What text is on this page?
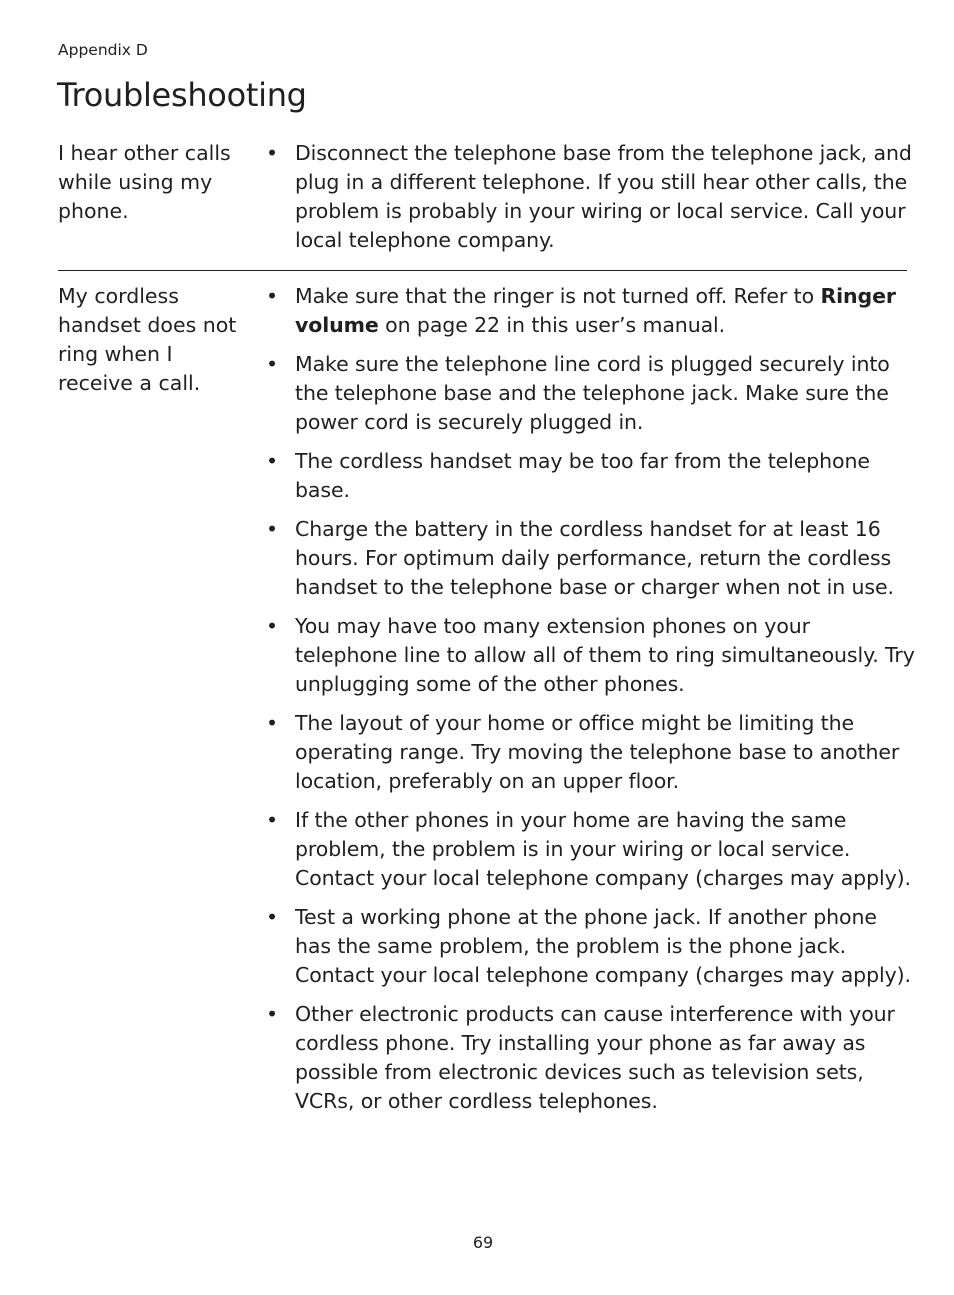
Appendix D

Troubleshooting

I hear other calls while using my phone.

• Disconnect the telephone base from the telephone jack, and plug in a different telephone. If you still hear other calls, the problem is probably in your wiring or local service. Call your local telephone company.

My cordless handset does not ring when I receive a call.

• Make sure that the ringer is not turned off. Refer to Ringer volume on page 22 in this user’s manual.
• Make sure the telephone line cord is plugged securely into the telephone base and the telephone jack. Make sure the power cord is securely plugged in.
• The cordless handset may be too far from the telephone base.
• Charge the battery in the cordless handset for at least 16 hours. For optimum daily performance, return the cordless handset to the telephone base or charger when not in use.
• You may have too many extension phones on your telephone line to allow all of them to ring simultaneously. Try unplugging some of the other phones.
• The layout of your home or office might be limiting the operating range. Try moving the telephone base to another location, preferably on an upper floor.
• If the other phones in your home are having the same problem, the problem is in your wiring or local service. Contact your local telephone company (charges may apply).
• Test a working phone at the phone jack. If another phone has the same problem, the problem is the phone jack. Contact your local telephone company (charges may apply).
• Other electronic products can cause interference with your cordless phone. Try installing your phone as far away as possible from electronic devices such as television sets, VCRs, or other cordless telephones.

69
